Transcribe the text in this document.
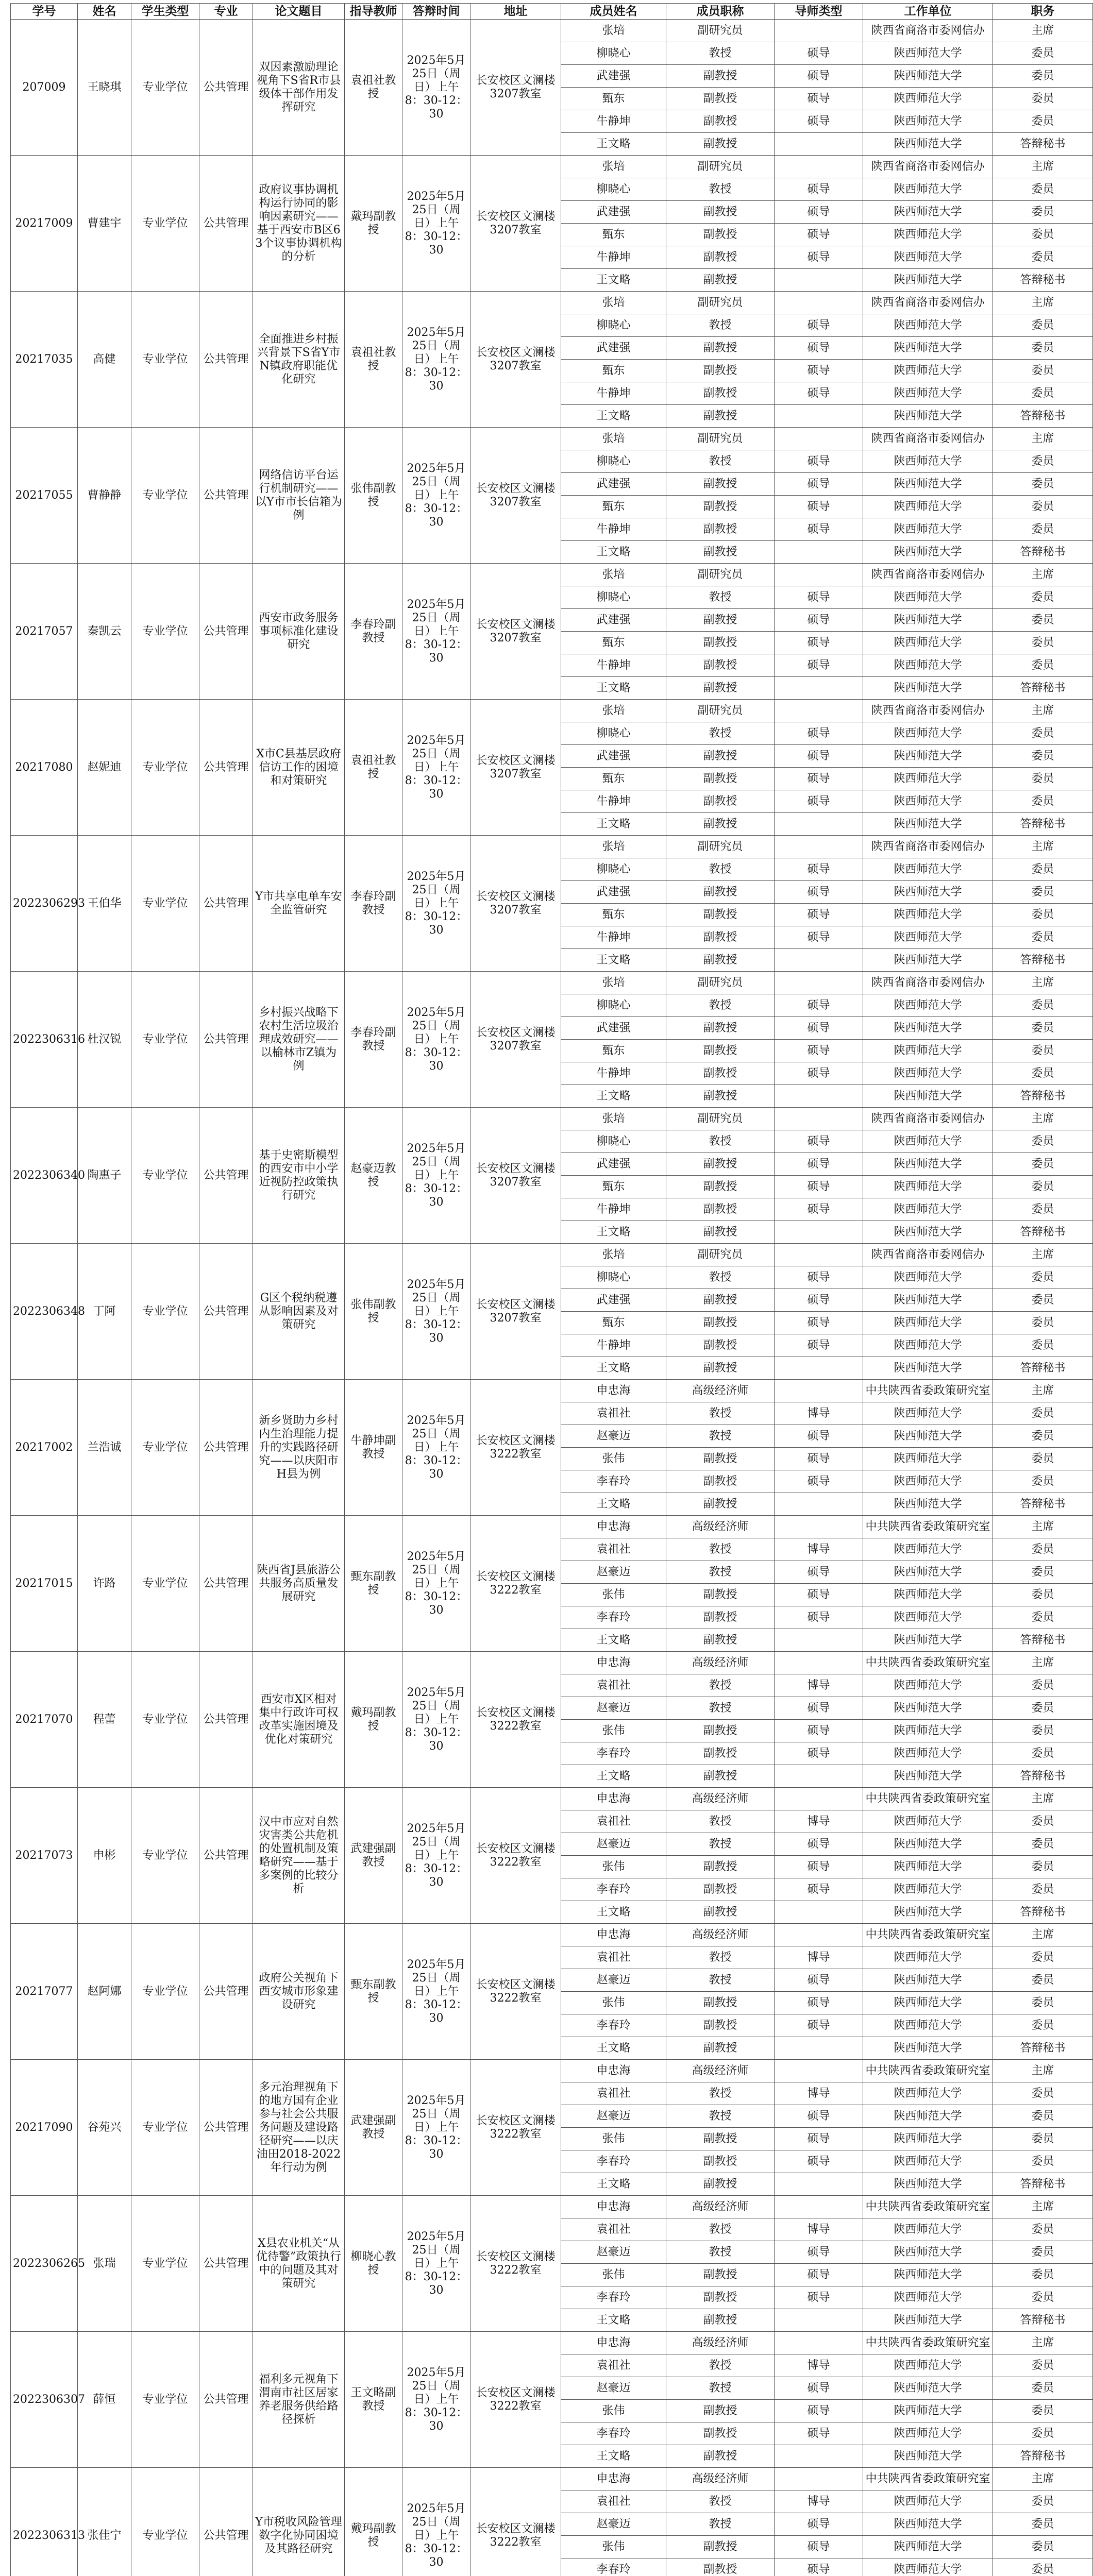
学号	姓名	学生类型	专业	论文题目	指导教师	答辩时间	地址	成员姓名	成员职称	导师类型	工作单位	职务
207009	王晓琪	专业学位	公共管理	双因素激励理论视角下S省R市县级体干部作用发挥研究	袁祖社教授	2025年5月25日（周日）上午8：30-12：30	长安校区文澜楼3207教室	张培	副研究员		陕西省商洛市委网信办	主席
								柳晓心	教授	硕导	陕西师范大学	委员
								武建强	副教授	硕导	陕西师范大学	委员
								甄东	副教授	硕导	陕西师范大学	委员
								牛静坤	副教授	硕导	陕西师范大学	委员
								王文略	副教授		陕西师范大学	答辩秘书
20217009	曹建宇	专业学位	公共管理	政府议事协调机构运行协同的影响因素研究——基于西安市B区63个议事协调机构的分析	戴玛副教授	2025年5月25日（周日）上午8：30-12：30	长安校区文澜楼3207教室	张培	副研究员		陕西省商洛市委网信办	主席
								柳晓心	教授	硕导	陕西师范大学	委员
								武建强	副教授	硕导	陕西师范大学	委员
								甄东	副教授	硕导	陕西师范大学	委员
								牛静坤	副教授	硕导	陕西师范大学	委员
								王文略	副教授		陕西师范大学	答辩秘书
20217035	高健	专业学位	公共管理	全面推进乡村振兴背景下S省Y市N镇政府职能优化研究	袁祖社教授	2025年5月25日（周日）上午8：30-12：30	长安校区文澜楼3207教室	张培	副研究员		陕西省商洛市委网信办	主席
								柳晓心	教授	硕导	陕西师范大学	委员
								武建强	副教授	硕导	陕西师范大学	委员
								甄东	副教授	硕导	陕西师范大学	委员
								牛静坤	副教授	硕导	陕西师范大学	委员
								王文略	副教授		陕西师范大学	答辩秘书
20217055	曹静静	专业学位	公共管理	网络信访平台运行机制研究——以Y市市长信箱为例	张伟副教授	2025年5月25日（周日）上午8：30-12：30	长安校区文澜楼3207教室	张培	副研究员		陕西省商洛市委网信办	主席
								柳晓心	教授	硕导	陕西师范大学	委员
								武建强	副教授	硕导	陕西师范大学	委员
								甄东	副教授	硕导	陕西师范大学	委员
								牛静坤	副教授	硕导	陕西师范大学	委员
								王文略	副教授		陕西师范大学	答辩秘书
20217057	秦凯云	专业学位	公共管理	西安市政务服务事项标准化建设研究	李春玲副教授	2025年5月25日（周日）上午8：30-12：30	长安校区文澜楼3207教室	张培	副研究员		陕西省商洛市委网信办	主席
								柳晓心	教授	硕导	陕西师范大学	委员
								武建强	副教授	硕导	陕西师范大学	委员
								甄东	副教授	硕导	陕西师范大学	委员
								牛静坤	副教授	硕导	陕西师范大学	委员
								王文略	副教授		陕西师范大学	答辩秘书
20217080	赵妮迪	专业学位	公共管理	X市C县基层政府信访工作的困境和对策研究	袁祖社教授	2025年5月25日（周日）上午8：30-12：30	长安校区文澜楼3207教室	张培	副研究员		陕西省商洛市委网信办	主席
								柳晓心	教授	硕导	陕西师范大学	委员
								武建强	副教授	硕导	陕西师范大学	委员
								甄东	副教授	硕导	陕西师范大学	委员
								牛静坤	副教授	硕导	陕西师范大学	委员
								王文略	副教授		陕西师范大学	答辩秘书
2022306293	王伯华	专业学位	公共管理	Y市共享电单车安全监管研究	李春玲副教授	2025年5月25日（周日）上午8：30-12：30	长安校区文澜楼3207教室	张培	副研究员		陕西省商洛市委网信办	主席
								柳晓心	教授	硕导	陕西师范大学	委员
								武建强	副教授	硕导	陕西师范大学	委员
								甄东	副教授	硕导	陕西师范大学	委员
								牛静坤	副教授	硕导	陕西师范大学	委员
								王文略	副教授		陕西师范大学	答辩秘书
2022306316	杜汉锐	专业学位	公共管理	乡村振兴战略下农村生活垃圾治理成效研究——以榆林市Z镇为例	李春玲副教授	2025年5月25日（周日）上午8：30-12：30	长安校区文澜楼3207教室	张培	副研究员		陕西省商洛市委网信办	主席
								柳晓心	教授	硕导	陕西师范大学	委员
								武建强	副教授	硕导	陕西师范大学	委员
								甄东	副教授	硕导	陕西师范大学	委员
								牛静坤	副教授	硕导	陕西师范大学	委员
								王文略	副教授		陕西师范大学	答辩秘书
2022306340	陶惠子	专业学位	公共管理	基于史密斯模型的西安市中小学近视防控政策执行研究	赵豪迈教授	2025年5月25日（周日）上午8：30-12：30	长安校区文澜楼3207教室	张培	副研究员		陕西省商洛市委网信办	主席
								柳晓心	教授	硕导	陕西师范大学	委员
								武建强	副教授	硕导	陕西师范大学	委员
								甄东	副教授	硕导	陕西师范大学	委员
								牛静坤	副教授	硕导	陕西师范大学	委员
								王文略	副教授		陕西师范大学	答辩秘书
2022306348	丁阿	专业学位	公共管理	G区个税纳税遵从影响因素及对策研究	张伟副教授	2025年5月25日（周日）上午8：30-12：30	长安校区文澜楼3207教室	张培	副研究员		陕西省商洛市委网信办	主席
								柳晓心	教授	硕导	陕西师范大学	委员
								武建强	副教授	硕导	陕西师范大学	委员
								甄东	副教授	硕导	陕西师范大学	委员
								牛静坤	副教授	硕导	陕西师范大学	委员
								王文略	副教授		陕西师范大学	答辩秘书
20217002	兰浩诚	专业学位	公共管理	新乡贤助力乡村内生治理能力提升的实践路径研究——以庆阳市H县为例	牛静坤副教授	2025年5月25日（周日）上午8：30-12：30	长安校区文澜楼3222教室	申忠海	高级经济师		中共陕西省委政策研究室	主席
								袁祖社	教授	博导	陕西师范大学	委员
								赵豪迈	教授	硕导	陕西师范大学	委员
								张伟	副教授	硕导	陕西师范大学	委员
								李春玲	副教授	硕导	陕西师范大学	委员
								王文略	副教授		陕西师范大学	答辩秘书
20217015	许路	专业学位	公共管理	陕西省J县旅游公共服务高质量发展研究	甄东副教授	2025年5月25日（周日）上午8：30-12：30	长安校区文澜楼3222教室	申忠海	高级经济师		中共陕西省委政策研究室	主席
								袁祖社	教授	博导	陕西师范大学	委员
								赵豪迈	教授	硕导	陕西师范大学	委员
								张伟	副教授	硕导	陕西师范大学	委员
								李春玲	副教授	硕导	陕西师范大学	委员
								王文略	副教授		陕西师范大学	答辩秘书
20217070	程蕾	专业学位	公共管理	西安市X区相对集中行政许可权改革实施困境及优化对策研究	戴玛副教授	2025年5月25日（周日）上午8：30-12：30	长安校区文澜楼3222教室	申忠海	高级经济师		中共陕西省委政策研究室	主席
								袁祖社	教授	博导	陕西师范大学	委员
								赵豪迈	教授	硕导	陕西师范大学	委员
								张伟	副教授	硕导	陕西师范大学	委员
								李春玲	副教授	硕导	陕西师范大学	委员
								王文略	副教授		陕西师范大学	答辩秘书
20217073	申彬	专业学位	公共管理	汉中市应对自然灾害类公共危机的处置机制及策略研究——基于多案例的比较分析	武建强副教授	2025年5月25日（周日）上午8：30-12：30	长安校区文澜楼3222教室	申忠海	高级经济师		中共陕西省委政策研究室	主席
								袁祖社	教授	博导	陕西师范大学	委员
								赵豪迈	教授	硕导	陕西师范大学	委员
								张伟	副教授	硕导	陕西师范大学	委员
								李春玲	副教授	硕导	陕西师范大学	委员
								王文略	副教授		陕西师范大学	答辩秘书
20217077	赵阿娜	专业学位	公共管理	政府公关视角下西安城市形象建设研究	甄东副教授	2025年5月25日（周日）上午8：30-12：30	长安校区文澜楼3222教室	申忠海	高级经济师		中共陕西省委政策研究室	主席
								袁祖社	教授	博导	陕西师范大学	委员
								赵豪迈	教授	硕导	陕西师范大学	委员
								张伟	副教授	硕导	陕西师范大学	委员
								李春玲	副教授	硕导	陕西师范大学	委员
								王文略	副教授		陕西师范大学	答辩秘书
20217090	谷苑兴	专业学位	公共管理	多元治理视角下的地方国有企业参与社会公共服务问题及建设路径研究——以庆油田2018-2022年行动为例	武建强副教授	2025年5月25日（周日）上午8：30-12：30	长安校区文澜楼3222教室	申忠海	高级经济师		中共陕西省委政策研究室	主席
								袁祖社	教授	博导	陕西师范大学	委员
								赵豪迈	教授	硕导	陕西师范大学	委员
								张伟	副教授	硕导	陕西师范大学	委员
								李春玲	副教授	硕导	陕西师范大学	委员
								王文略	副教授		陕西师范大学	答辩秘书
2022306265	张瑞	专业学位	公共管理	X县农业机关“从优待警”政策执行中的问题及其对策研究	柳晓心教授	2025年5月25日（周日）上午8：30-12：30	长安校区文澜楼3222教室	申忠海	高级经济师		中共陕西省委政策研究室	主席
								袁祖社	教授	博导	陕西师范大学	委员
								赵豪迈	教授	硕导	陕西师范大学	委员
								张伟	副教授	硕导	陕西师范大学	委员
								李春玲	副教授	硕导	陕西师范大学	委员
								王文略	副教授		陕西师范大学	答辩秘书
2022306307	薛恒	专业学位	公共管理	福利多元视角下渭南市社区居家养老服务供给路径探析	王文略副教授	2025年5月25日（周日）上午8：30-12：30	长安校区文澜楼3222教室	申忠海	高级经济师		中共陕西省委政策研究室	主席
								袁祖社	教授	博导	陕西师范大学	委员
								赵豪迈	教授	硕导	陕西师范大学	委员
								张伟	副教授	硕导	陕西师范大学	委员
								李春玲	副教授	硕导	陕西师范大学	委员
								王文略	副教授		陕西师范大学	答辩秘书
2022306313	张佳宁	专业学位	公共管理	Y市税收风险管理数字化协同困境及其路径研究	戴玛副教授	2025年5月25日（周日）上午8：30-12：30	长安校区文澜楼3222教室	申忠海	高级经济师		中共陕西省委政策研究室	主席
								袁祖社	教授	博导	陕西师范大学	委员
								赵豪迈	教授	硕导	陕西师范大学	委员
								张伟	副教授	硕导	陕西师范大学	委员
								李春玲	副教授	硕导	陕西师范大学	委员
